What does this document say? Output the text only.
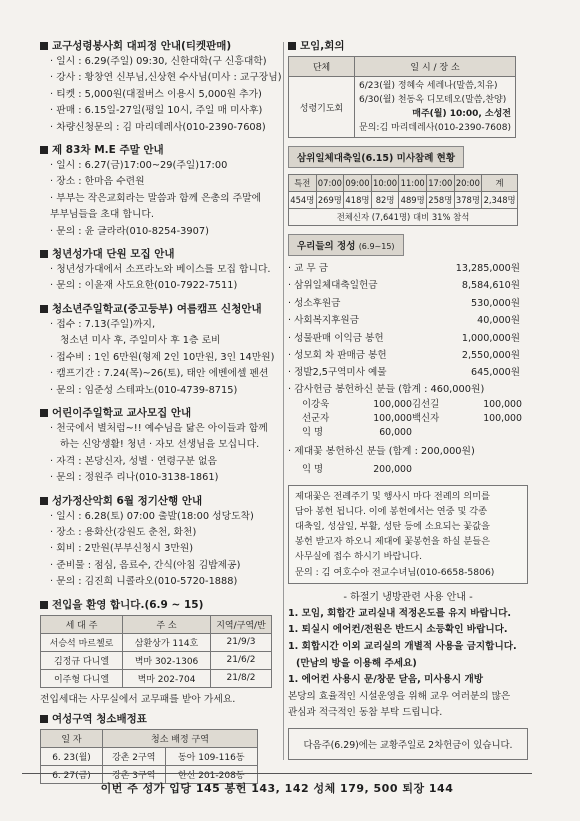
교구성령봉사회 대피정 안내(티켓판매)
· 일시 : 6.29(주일) 09:30, 신한대학(구 신흥대학)
· 강사 : 황창연 신부님,신상현 수사님(미사 : 교구장님)
· 티켓 : 5,000원(대절버스 이용시 5,000원 추가)
· 판매 : 6.15일-27일(평일 10시, 주일 매 미사후)
· 차량신청문의 : 김 마리데레사(010-2390-7608)
제 83차 M.E 주말 안내
· 일시 : 6.27(금)17:00~29(주일)17:00
· 장소 : 한마음 수련원
· 부부는 작은교회라는 말씀과 함께 은총의 주말에
부부님들을 초대 합니다.
· 문의 : 윤 글라라(010-8254-3907)
청년성가대 단원 모집 안내
· 청년성가대에서 소프라노와 베이스를 모집 합니다.
· 문의 : 이윤재 사도요한(010-7922-7511)
청소년주일학교(중고등부) 여름캠프 신청안내
· 접수 : 7.13(주일)까지,
청소년 미사 후, 주일미사 후 1층 로비
· 접수비 : 1인 6만원(형제 2인 10만원, 3인 14만원)
· 캠프기간 : 7.24(목)~26(토), 태안 에벤에셀 펜션
· 문의 : 임준성 스테파노(010-4739-8715)
어린이주일학교 교사모집 안내
· 천국에서 별처럼~!! 예수님을 닮은 아이들과 함께
하는 신앙생활! 청년 · 자모 선생님을 모십니다.
· 자격 : 본당신자, 성별 · 연령구분 없음
· 문의 : 정원주 리나(010-3138-1861)
성가정산악회 6월 정기산행 안내
· 일시 : 6.28(토) 07:00 출발(18:00 성당도착)
· 장소 : 용화산(강원도 춘천, 화천)
· 회비 : 2만원(부부신청시 3만원)
· 준비물 : 점심, 음료수, 간식(아침 김밥제공)
· 문의 : 김진희 니콜라오(010-5720-1888)
전입을 환영 합니다.(6.9 ~ 15)
세 대 주	주 소	지역/구역/반
서승석 마르첼로	삼환상가 114호	21/9/3
김정규 다니엘	벽마 302-1306	21/6/2
이주형 다니엘	벽마 202-704	21/8/2
전입세대는 사무실에서 교무패를 받아 가세요.
여성구역 청소배정표
일 자	청소 배정 구역	
6. 23(월)	강촌 2구역	동아 109-116동
6. 27(금)	강촌 3구역	한신 201-208동
모임,회의
단체	일 시 / 장 소
성령기도회	6/23(월) 정혜숙 세레나(말씀,치유)
6/30(월) 천동옥 디모테오(말씀,찬양)
매주(월) 10:00, 소성전
문의:김 마리데레사(010-2390-7608)
삼위일체대축일(6.15) 미사참례 현황
특전	07:00	09:00	10:00	11:00	17:00	20:00	계
454명	269명	418명	82명	489명	258명	378명	2,348명
전체신자 (7,641명) 대비 31% 참석							
우리들의 정성 (6.9~15)
· 교 무 금	13,285,000원
· 삼위일체대축일헌금	8,584,610원
· 성소후원금	530,000원
· 사회복지후원금	40,000원
· 성물판매 이익금 봉헌	1,000,000원
· 성모회 차 판매금 봉헌	2,550,000원
· 정발2,5구역미사 예물	645,000원
· 감사헌금 봉헌하신 분들 (합계 : 460,000원)
이강욱	100,000 김선길	100,000
선군자	100,000 백신자	100,000
익 명	60,000
· 제대꽃 봉헌하신 분들 (합계 : 200,000원)
익 명	200,000
제대꽃은 전례주기 및 행사시 마다 전례의 의미를
담아 봉헌 됩니다. 이에 봉헌에서는 연중 및 각종
대축일, 성삼일, 부활, 성탄 등에 소요되는 꽃값을
봉헌 받고자 하오니 제대에 꽃봉헌을 하실 분들은
사무실에 접수 하시기 바랍니다.
문의 : 김 여호수아 전교수녀님(010-6658-5806)
- 하절기 냉방관련 사용 안내 -
1. 모임, 회합간 교리실내 적정온도를 유지 바랍니다.
1. 퇴실시 에어컨/전원은 반드시 소등확인 바랍니다.
1. 회합시간 이외 교리실의 개별적 사용을 금지합니다.
(만남의 방을 이용해 주세요)
1. 에어컨 사용시 문/창문 닫음, 미사용시 개방
본당의 효율적인 시설운영을 위해 교우 여러분의 많은
관심과 적극적인 동참 부탁 드립니다.
다음주(6.29)에는 교황주일로 2차헌금이 있습니다.
이번 주 성가 입당 145 봉헌 143, 142 성체 179, 500 퇴장 144
